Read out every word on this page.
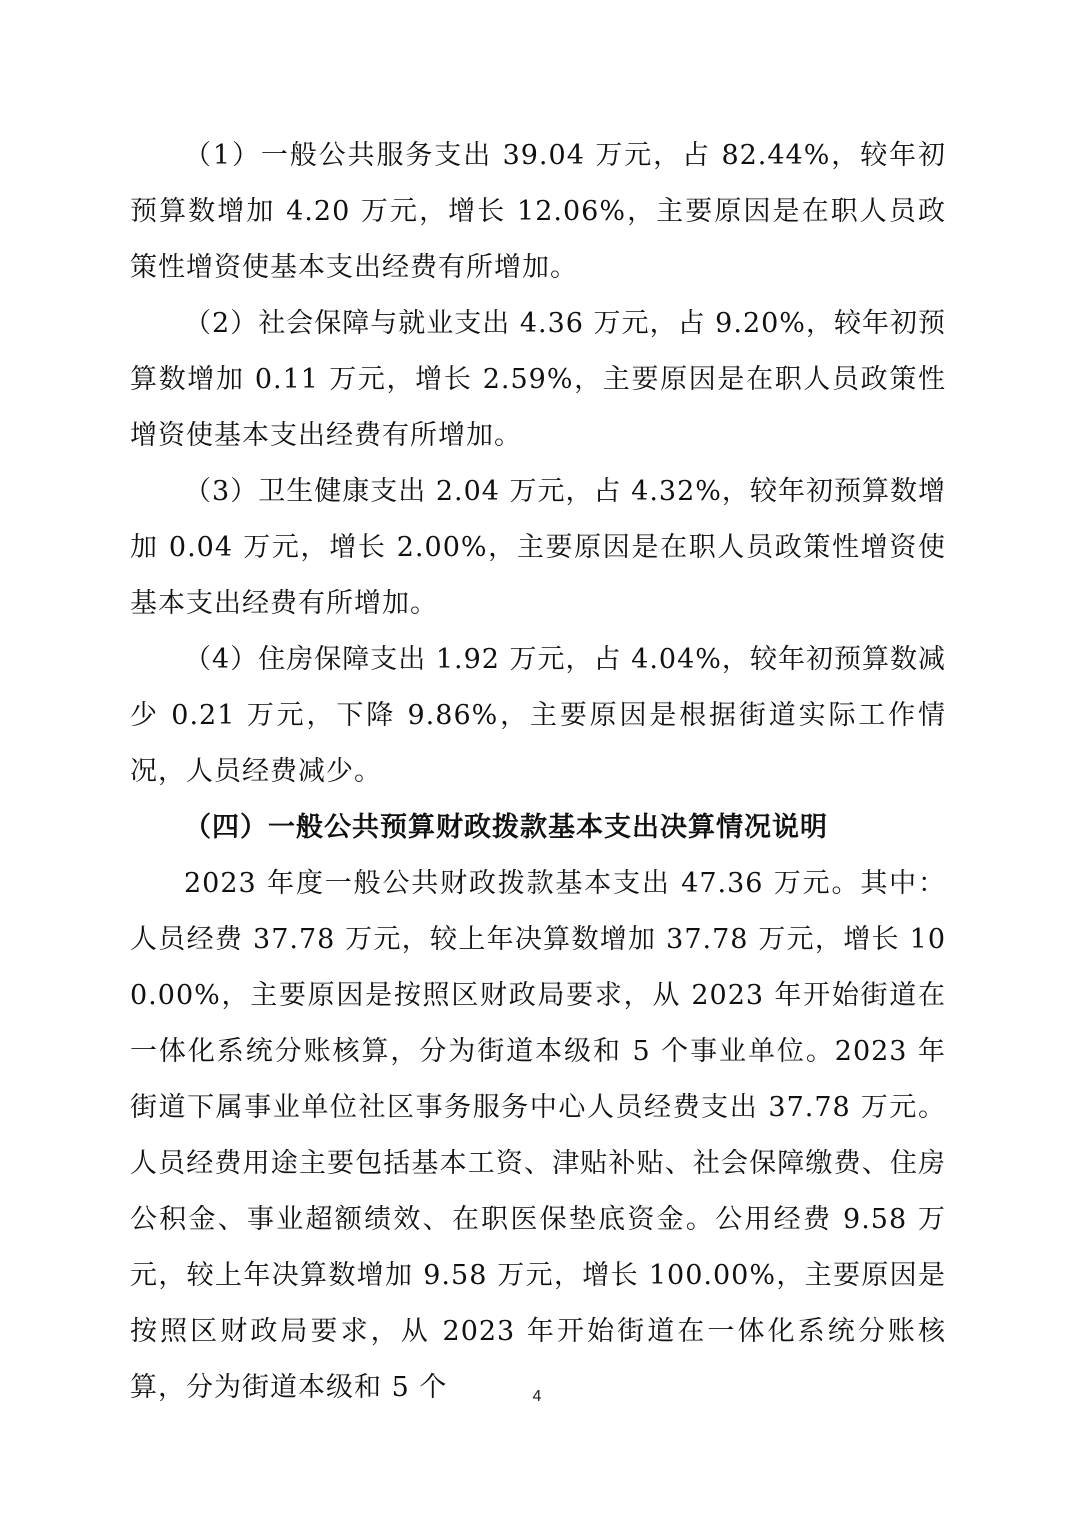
（1）一般公共服务支出 39.04 万元，占 82.44%，较年初预算数增加 4.20 万元，增长 12.06%，主要原因是在职人员政策性增资使基本支出经费有所增加。

（2）社会保障与就业支出 4.36 万元，占 9.20%，较年初预算数增加 0.11 万元，增长 2.59%，主要原因是在职人员政策性增资使基本支出经费有所增加。

（3）卫生健康支出 2.04 万元，占 4.32%，较年初预算数增加 0.04 万元，增长 2.00%，主要原因是在职人员政策性增资使基本支出经费有所增加。

（4）住房保障支出 1.92 万元，占 4.04%，较年初预算数减少 0.21 万元，下降 9.86%，主要原因是根据街道实际工作情况，人员经费减少。

（四）一般公共预算财政拨款基本支出决算情况说明

2023 年度一般公共财政拨款基本支出 47.36 万元。其中：人员经费 37.78 万元，较上年决算数增加 37.78 万元，增长 100.00%，主要原因是按照区财政局要求，从 2023 年开始街道在一体化系统分账核算，分为街道本级和 5 个事业单位。2023 年街道下属事业单位社区事务服务中心人员经费支出 37.78 万元。人员经费用途主要包括基本工资、津贴补贴、社会保障缴费、住房公积金、事业超额绩效、在职医保垫底资金。公用经费 9.58 万元，较上年决算数增加 9.58 万元，增长 100.00%，主要原因是按照区财政局要求，从 2023 年开始街道在一体化系统分账核算，分为街道本级和 5 个	4
